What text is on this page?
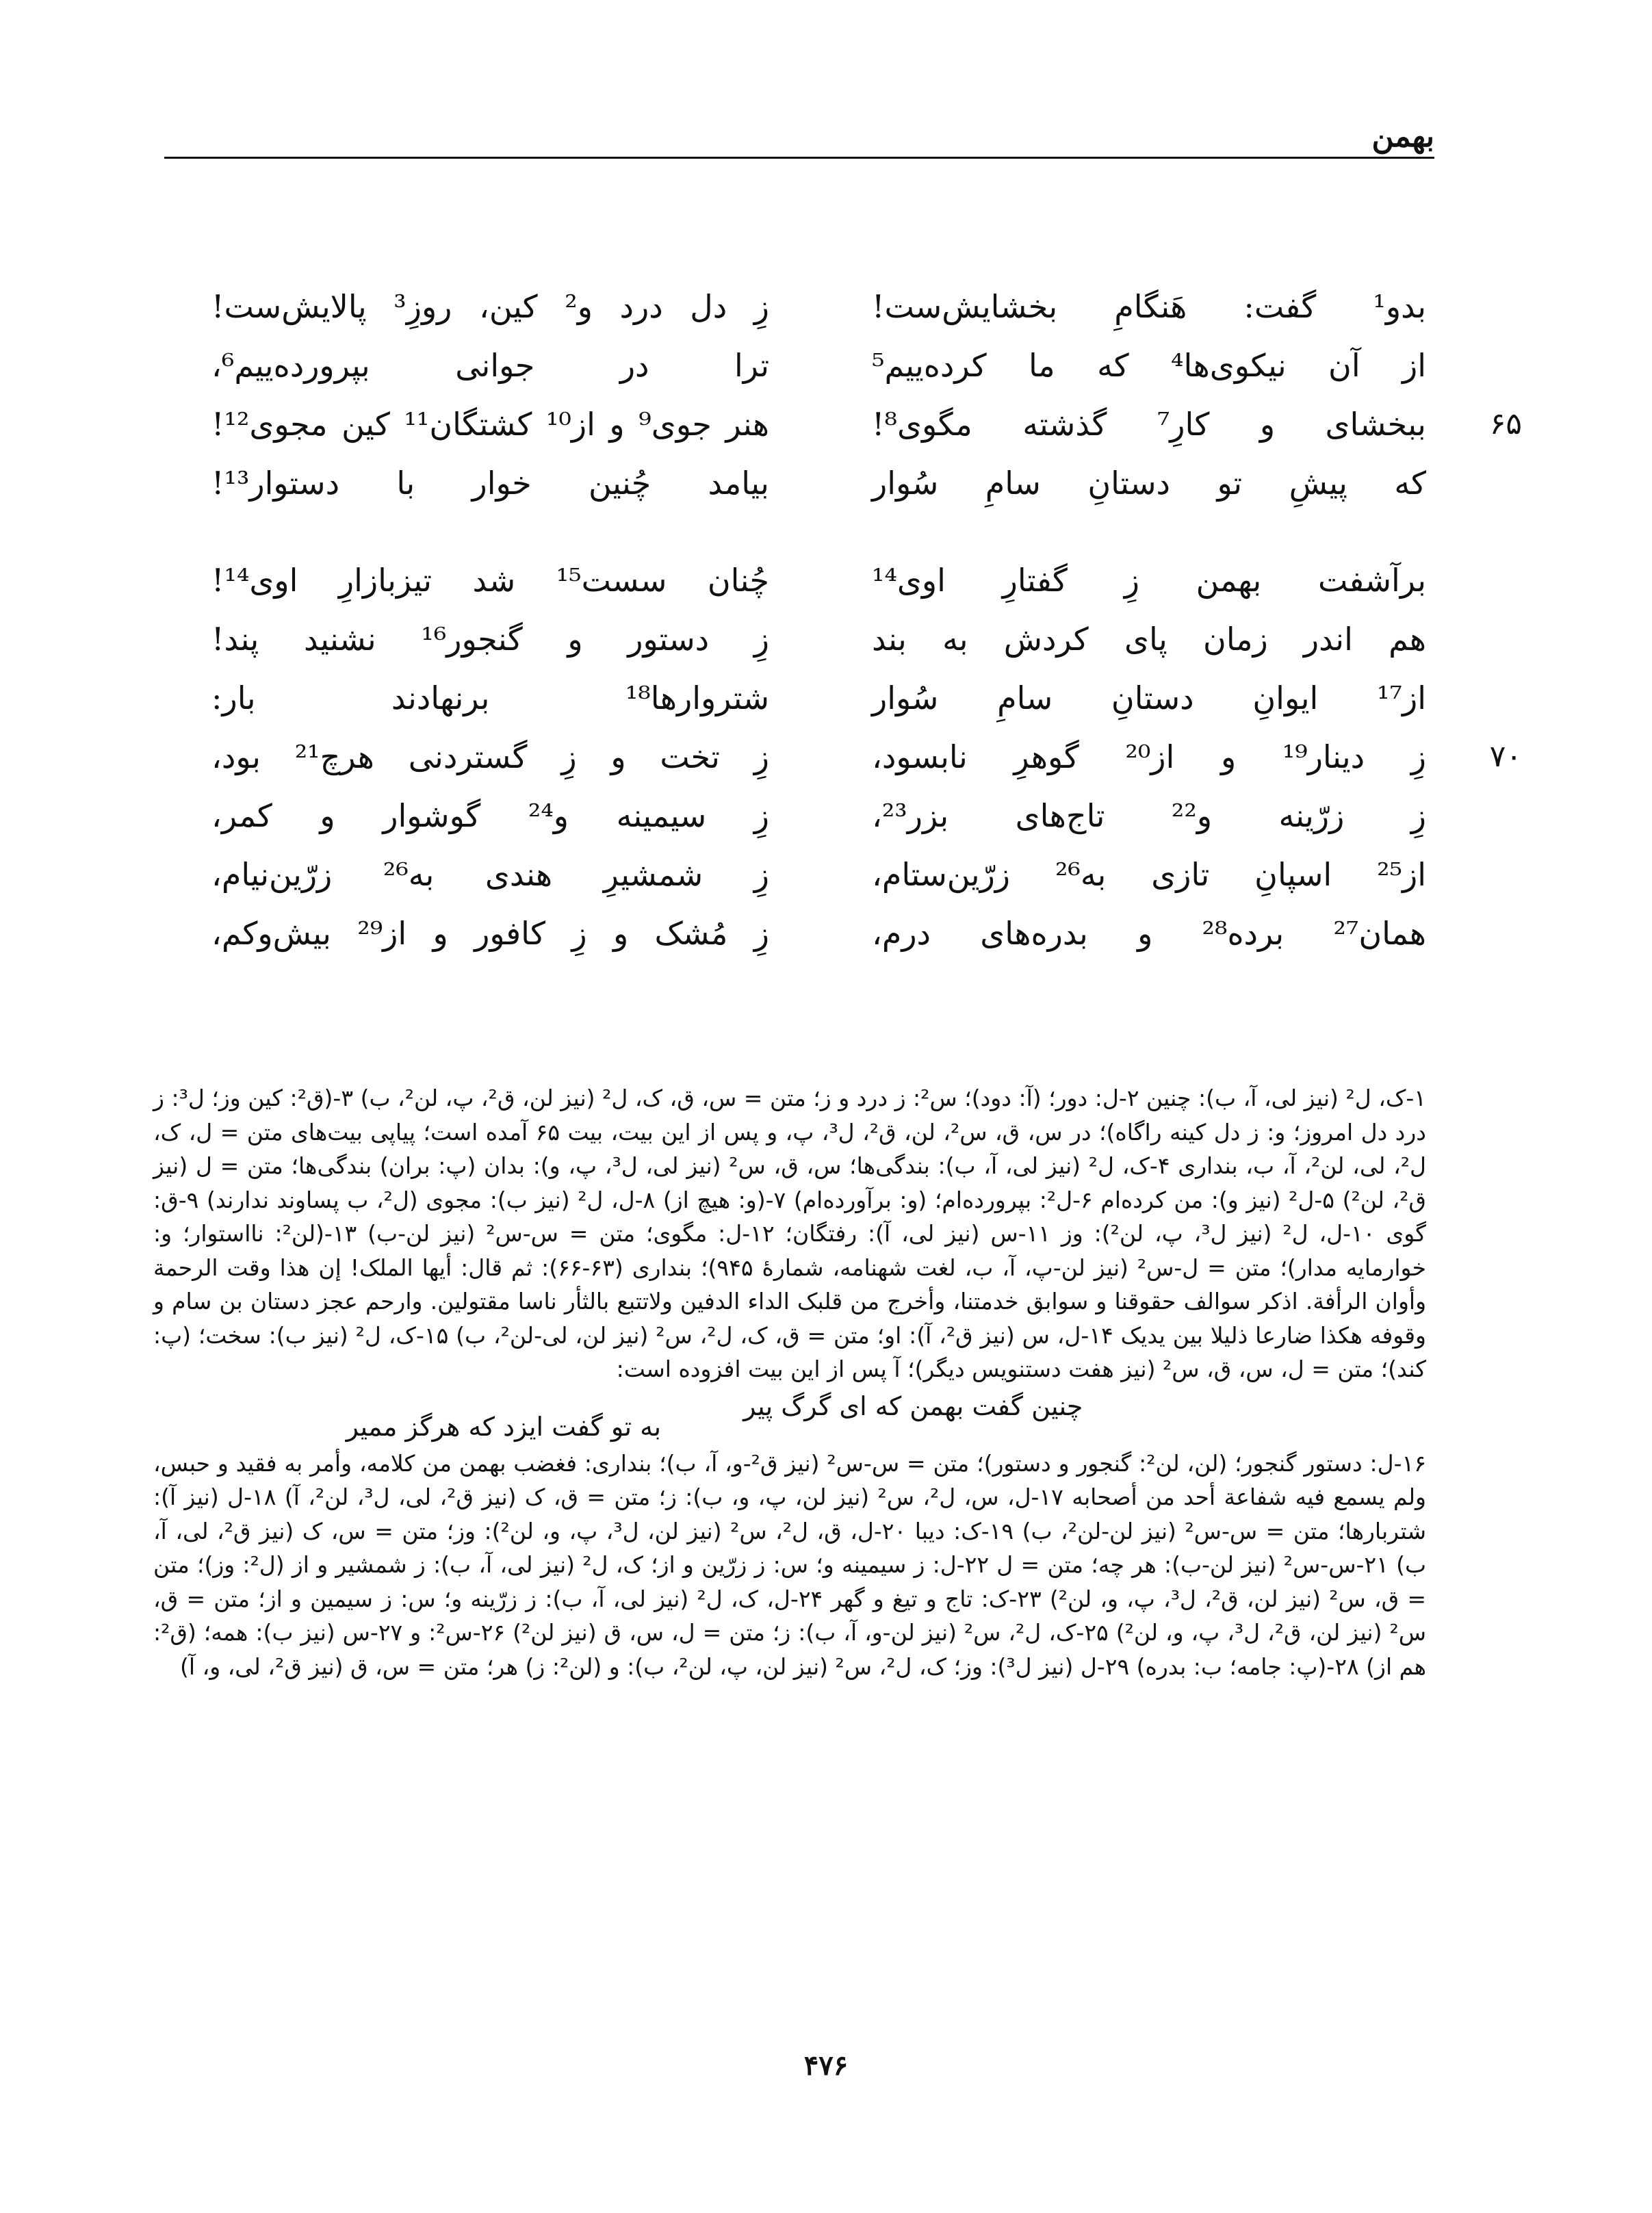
بهمن
بدو¹ گفت: هَنگامِ بخشایش‌ست!
زِ دل درد و² کین، روزِ³ پالایش‌ست!
از آن نیکوی‌ها⁴ که ما کرده‌ییم⁵
ترا در جوانی بپرورده‌ییم⁶،
۶۵
ببخشای و کارِ⁷ گذشته مگوی⁸!
هنر جوی⁹ و از¹⁰ کشتگان¹¹ کین مجوی¹²!
که پیشِ تو دستانِ سامِ سُوار
بیامد چُنین خوار با دستوار¹³!
برآشفت بهمن زِ گفتارِ اوی¹⁴
چُنان سست¹⁵ شد تیزبازارِ اوی¹⁴!
هم اندر زمان پای کردش به بند
زِ دستور و گنجور¹⁶ نشنید پند!
از¹⁷ ایوانِ دستانِ سامِ سُوار
شتروارها¹⁸ برنهادند بار:
۷۰
زِ دینار¹⁹ و از²⁰ گوهرِ نابسود،
زِ تخت و زِ گستردنی هرچ²¹ بود،
زِ زرّینه و²² تاج‌های بزر²³،
زِ سیمینه و²⁴ گوشوار و کمر،
از²⁵ اسپانِ تازی به²⁶ زرّین‌ستام،
زِ شمشیرِ هندی به²⁶ زرّین‌نیام،
همان²⁷ برده²⁸ و بدره‌های درم،
زِ مُشک و زِ کافور و از²⁹ بیش‌وکم،

۱-ک، ل² (نیز لی، آ، ب): چنین ۲-ل: دور؛ (آ: دود)؛ س²: ز درد و ز؛ متن = س، ق، ک، ل² (نیز لن، ق²، پ، لن²، ب) ۳-(ق²: کین وز؛ ل³: ز درد دل امروز؛ و: ز دل کینه راگاه)؛ در س، ق، س²، لن، ق²، ل³، پ، و پس از این بیت، بیت ۶۵ آمده است؛ پیاپی بیت‌های متن = ل، ک، ل²، لی، لن²، آ، ب، بنداری ۴-ک، ل² (نیز لی، آ، ب): بندگی‌ها؛ س، ق، س² (نیز لی، ل³، پ، و): بدان (پ: بران) بندگی‌ها؛ متن = ل (نیز ق²، لن²) ۵-ل² (نیز و): من کرده‌ام ۶-ل²: بپرورده‌ام؛ (و: برآورده‌ام) ۷-(و: هیچ از) ۸-ل، ل² (نیز ب): مجوی (ل²، ب پساوند ندارند) ۹-ق: گوی ۱۰-ل، ل² (نیز ل³، پ، لن²): وز ۱۱-س (نیز لی، آ): رفتگان؛ ۱۲-ل: مگوی؛ متن = س-س² (نیز لن-ب) ۱۳-(لن²: نااستوار؛ و: خوارمایه مدار)؛ متن = ل-س² (نیز لن-پ، آ، ب، لغت شهنامه، شمارهٔ ۹۴۵)؛ بنداری (۶۳-۶۶): ثم قال: أیها الملک! إن هذا وقت الرحمة وأوان الرأفة. اذکر سوالف حقوقنا و سوابق خدمتنا، وأخرج من قلبک الداء الدفین ولاتتبع بالثأر ناسا مقتولین. وارحم عجز دستان بن سام و وقوفه هکذا ضارعا ذلیلا بین یدیک ۱۴-ل، س (نیز ق²، آ): او؛ متن = ق، ک، ل²، س² (نیز لن، لی-لن²، ب) ۱۵-ک، ل² (نیز ب): سخت؛ (پ: کند)؛ متن = ل، س، ق، س² (نیز هفت دستنویس دیگر)؛ آ پس از این بیت افزوده است:

چنین گفت بهمن که ای گرگ پیر
به تو گفت ایزد که هرگز ممیر

۱۶-ل: دستور گنجور؛ (لن، لن²: گنجور و دستور)؛ متن = س-س² (نیز ق²-و، آ، ب)؛ بنداری: فغضب بهمن من کلامه، وأمر به فقید و حبس، ولم یسمع فیه شفاعة أحد من أصحابه ۱۷-ل، س، ل²، س² (نیز لن، پ، و، ب): ز؛ متن = ق، ک (نیز ق²، لی، ل³، لن²، آ) ۱۸-ل (نیز آ): شتربارها؛ متن = س-س² (نیز لن-لن²، ب) ۱۹-ک: دیبا ۲۰-ل، ق، ل²، س² (نیز لن، ل³، پ، و، لن²): وز؛ متن = س، ک (نیز ق²، لی، آ، ب) ۲۱-س-س² (نیز لن-ب): هر چه؛ متن = ل ۲۲-ل: ز سیمینه و؛ س: ز زرّین و از؛ ک، ل² (نیز لی، آ، ب): ز شمشیر و از (ل²: وز)؛ متن = ق، س² (نیز لن، ق²، ل³، پ، و، لن²) ۲۳-ک: تاج و تیغ و گهر ۲۴-ل، ک، ل² (نیز لی، آ، ب): ز زرّینه و؛ س: ز سیمین و از؛ متن = ق، س² (نیز لن، ق²، ل³، پ، و، لن²) ۲۵-ک، ل²، س² (نیز لن-و، آ، ب): ز؛ متن = ل، س، ق (نیز لن²) ۲۶-س²: و ۲۷-س (نیز ب): همه؛ (ق²: هم از) ۲۸-(پ: جامه؛ ب: بدره) ۲۹-ل (نیز ل³): وز؛ ک، ل²، س² (نیز لن، پ، لن²، ب): و (لن²: ز) هر؛ متن = س، ق (نیز ق²، لی، و، آ)

۴۷۶
